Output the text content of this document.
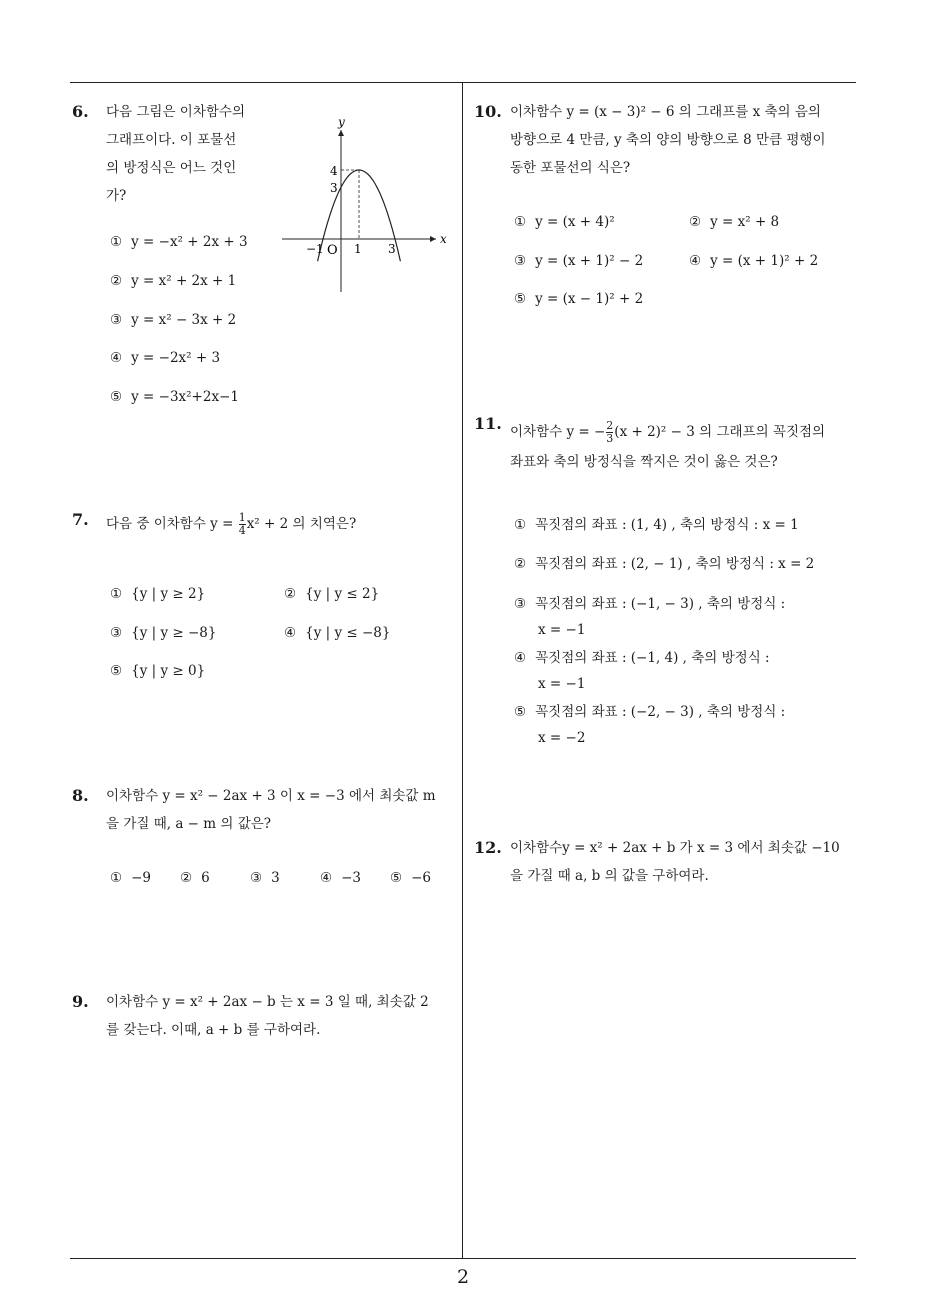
6. 다음 그림은 이차함수의
그래프이다. 이 포물선
의 방정식은 어느 것인
가?
① y = −x² + 2x + 3
② y = x² + 2x + 1
③ y = x² − 3x + 2
④ y = −2x² + 3
⑤ y = −3x²+2x−1
y
x
4
3
−1 O 1 3
7. 다음 중 이차함수 $y = \frac{1}{4} x^2 + 2$ 의 치역은?
① {y | y ≥ 2}	② {y | y ≤ 2}
③ {y | y ≥ −8}	④ {y | y ≤ −8}
⑤ {y | y ≥ 0}
8. 이차함수 y = x² − 2ax + 3 이 x = −3 에서 최솟값 m
을 가질 때, a − m 의 값은?
① −9 ② 6	③ 3	④ −3 ⑤ −6
9. 이차함수 y = x² + 2ax − b 는 x = 3 일 때, 최솟값 2
를 갖는다. 이때, a + b 를 구하여라.
10. 이차함수 y = (x − 3)² − 6 의 그래프를 x 축의 음의
방향으로 4 만큼, y 축의 양의 방향으로 8 만큼 평행이
동한 포물선의 식은?
① y = (x + 4)²	② y = x² + 8
③ y = (x + 1)² − 2	④ y = (x + 1)² + 2
⑤ y = (x − 1)² + 2
11. 이차함수 y = − $\frac{2}{3} (x + 2)^2 - 3$ 의 그래프의 꼭짓점의
좌표와 축의 방정식을 짝지은 것이 옳은 것은?
① 꼭짓점의 좌표 : (1, 4) , 축의 방정식 : x = 1
② 꼭짓점의 좌표 : (2, − 1) , 축의 방정식 : x = 2
③ 꼭짓점의 좌표 : (−1, − 3) , 축의 방정식 :
x = −1
④ 꼭짓점의 좌표 : (−1, 4) , 축의 방정식 :
x = −1
⑤ 꼭짓점의 좌표 : (−2, − 3) , 축의 방정식 :
x = −2
12. 이차함수y = x² + 2ax + b 가 x = 3 에서 최솟값 −10
을 가질 때 a, b 의 값을 구하여라.
2
